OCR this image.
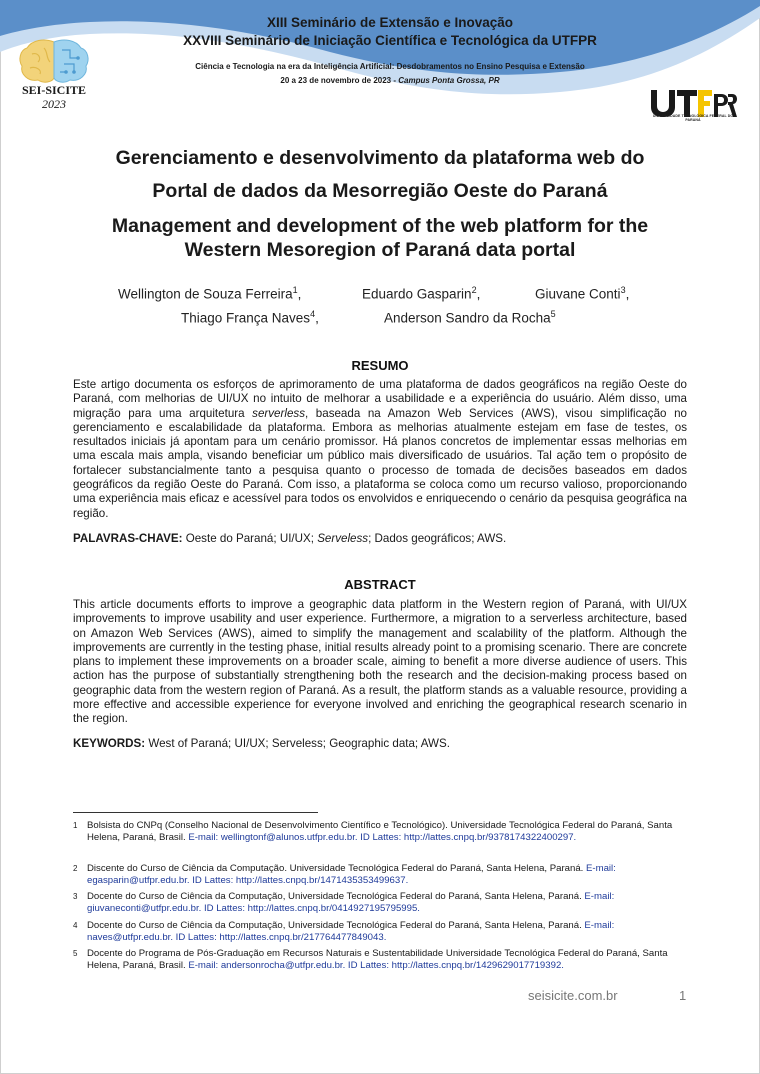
XIII Seminário de Extensão e Inovação
XXVIII Seminário de Iniciação Científica e Tecnológica da UTFPR
Ciência e Tecnologia na era da Inteligência Artificial: Desdobramentos no Ensino Pesquisa e Extensão
20 a 23 de novembro de 2023 - Campus Ponta Grossa, PR
SEI-SICITE
2023
UNIVERSIDADE TECNOLÓGICA FEDERAL DO PARANÁ
Gerenciamento e desenvolvimento da plataforma web do
Portal de dados da Mesorregião Oeste do Paraná
Management and development of the web platform for the
Western Mesoregion of Paraná data portal
Wellington de Souza Ferreira$^1$,	Eduardo Gasparin$^2$,	Giuvane Conti$^3$,
Thiago França Naves$^4$,	Anderson Sandro da Rocha$^5$
RESUMO

Este artigo documenta os esforços de aprimoramento de uma plataforma de dados geográficos na região Oeste do Paraná, com melhorias de UI/UX no intuito de melhorar a usabilidade e a experiência do usuário. Além disso, uma migração para uma arquitetura serverless, baseada na Amazon Web Services (AWS), visou simplificação no gerenciamento e escalabilidade da plataforma. Embora as melhorias atualmente estejam em fase de testes, os resultados iniciais já apontam para um cenário promissor. Há planos concretos de implementar essas melhorias em uma escala mais ampla, visando beneficiar um público mais diversificado de usuários. Tal ação tem o propósito de fortalecer substancialmente tanto a pesquisa quanto o processo de tomada de decisões baseados em dados geográficos da região Oeste do Paraná. Com isso, a plataforma se coloca como um recurso valioso, proporcionando uma experiência mais eficaz e acessível para todos os envolvidos e enriquecendo o cenário da pesquisa geográfica na região.

PALAVRAS-CHAVE: Oeste do Paraná; UI/UX; Serveless; Dados geográficos; AWS.

ABSTRACT

This article documents efforts to improve a geographic data platform in the Western region of Paraná, with UI/UX improvements to improve usability and user experience. Furthermore, a migration to a serverless architecture, based on Amazon Web Services (AWS), aimed to simplify the management and scalability of the platform. Although the improvements are currently in the testing phase, initial results already point to a promising scenario. There are concrete plans to implement these improvements on a broader scale, aiming to benefit a more diverse audience of users. This action has the purpose of substantially strengthening both the research and the decision-making process based on geographic data from the western region of Paraná. As a result, the platform stands as a valuable resource, providing a more effective and accessible experience for everyone involved and enriching the geographical research scenario in the region.

KEYWORDS: West of Paraná; UI/UX; Serveless; Geographic data; AWS.

1 Bolsista do CNPq (Conselho Nacional de Desenvolvimento Científico e Tecnológico). Universidade Tecnológica Federal do Paraná, Santa Helena, Paraná, Brasil. E-mail: wellingtonf@alunos.utfpr.edu.br. ID Lattes: http://lattes.cnpq.br/9378174322400297.
2 Discente do Curso de Ciência da Computação. Universidade Tecnológica Federal do Paraná, Santa Helena, Paraná. E-mail: egasparin@utfpr.edu.br. ID Lattes: http://lattes.cnpq.br/1471435353499637.
3 Docente do Curso de Ciência da Computação, Universidade Tecnológica Federal do Paraná, Santa Helena, Paraná. E-mail: giuvaneconti@utfpr.edu.br. ID Lattes: http://lattes.cnpq.br/0414927195795995.
4 Docente do Curso de Ciência da Computação, Universidade Tecnológica Federal do Paraná, Santa Helena, Paraná. E-mail: naves@utfpr.edu.br. ID Lattes: http://lattes.cnpq.br/217764477849043.
5 Docente do Programa de Pós-Graduação em Recursos Naturais e Sustentabilidade Universidade Tecnológica Federal do Paraná, Santa Helena, Paraná, Brasil. E-mail: andersonrocha@utfpr.edu.br. ID Lattes: http://lattes.cnpq.br/1429629017719392.
seisicite.com.br	1
